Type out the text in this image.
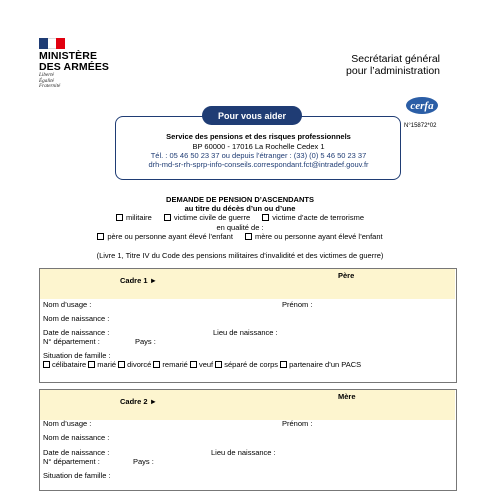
MINISTÈRE
DES ARMÉES
Liberté
Égalité
Fraternité
Secrétariat général
pour l’administration
cerfa
N°15872*02
Pour vous aider
Service des pensions et des risques professionnels
BP 60000 - 17016 La Rochelle Cedex 1
Tél. : 05 46 50 23 37 ou depuis l’étranger : (33) (0) 5 46 50 23 37
drh-md-sr-rh-sprp-info-conseils.correspondant.fct@intradef.gouv.fr
DEMANDE DE PENSION D’ASCENDANTS
au titre du décès d’un ou d’une
militaire	victime civile de guerre	victime d’acte de terrorisme
en qualité de :
père ou personne ayant élevé l’enfant	mère ou personne ayant élevé l’enfant
(Livre 1, Titre IV du Code des pensions militaires d’invalidité et des victimes de guerre)
Cadre 1 ►
Père
Nom d’usage :	Prénom :
Nom de naissance :
Date de naissance :	Lieu de naissance :
N° département :	Pays :
Situation de famille :
célibataire marié divorcé remarié veuf séparé de corps partenaire d’un PACS
Cadre 2 ►
Mère
Nom d’usage :	Prénom :
Nom de naissance :
Date de naissance :	Lieu de naissance :
N° département :	Pays :
Situation de famille :
